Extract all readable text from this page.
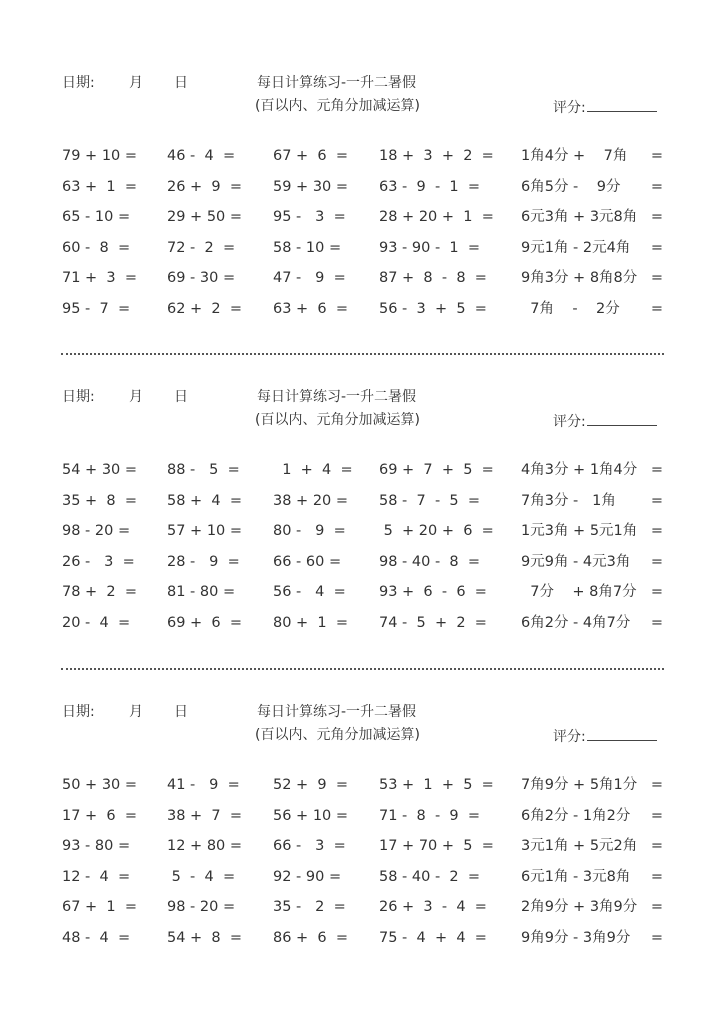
日期: 月 日	每日计算练习-一升二暑假
(百以内、元角分加减运算)	评分:
79 + 10 = 46 -  4  =	67 +  6  = 18 +  3  +  2  = 1角4分 +    7角 =
63 +  1  = 26 +  9  = 59 + 30 = 63 -  9  -  1  =	6角5分 -    9分 =
65 - 10 =	29 + 50 = 95 -   3  = 28 + 20 +  1  = 6元3角 + 3元8角 =
60 -  8  =	72 -  2  =	58 - 10 =	93 - 90 -  1  =	9元1角 - 2元4角 =
71 +  3  = 69 - 30 =	47 -   9  = 87 +  8  -  8  = 9角3分 + 8角8分 =
95 -  7  =	62 +  2  = 63 +  6  = 56 -  3  +  5  = 7角    -    2分 =
日期: 月 日	每日计算练习-一升二暑假
(百以内、元角分加减运算)	评分:
54 + 30 = 88 -   5  = 1  +  4  = 69 +  7  +  5  = 4角3分 + 1角4分 =
35 +  8  = 58 +  4  = 38 + 20 = 58 -  7  -  5  =	7角3分 -   1角 =
98 - 20 =	57 + 10 = 80 -   9  = 5  + 20 +  6  = 1元3角 + 5元1角 =
26 -   3  = 28 -   9  = 66 - 60 =	98 - 40 -  8  =	9元9角 - 4元3角 =
78 +  2  = 81 - 80 =	56 -   4  = 93 +  6  -  6  = 7分    + 8角7分 =
20 -  4  =	69 +  6  = 80 +  1  = 74 -  5  +  2  = 6角2分 - 4角7分 =
日期: 月 日	每日计算练习-一升二暑假
(百以内、元角分加减运算)	评分:
50 + 30 = 41 -   9  = 52 +  9  = 53 +  1  +  5  = 7角9分 + 5角1分 =
17 +  6  = 38 +  7  = 56 + 10 = 71 -  8  -  9  =	6角2分 - 1角2分 =
93 - 80 =	12 + 80 = 66 -   3  = 17 + 70 +  5  = 3元1角 + 5元2角 =
12 -  4  =	5  -  4  =	92 - 90 =	58 - 40 -  2  =	6元1角 - 3元8角 =
67 +  1  = 98 - 20 =	35 -   2  = 26 +  3  -  4  = 2角9分 + 3角9分 =
48 -  4  =	54 +  8  = 86 +  6  = 75 -  4  +  4  = 9角9分 - 3角9分 =
